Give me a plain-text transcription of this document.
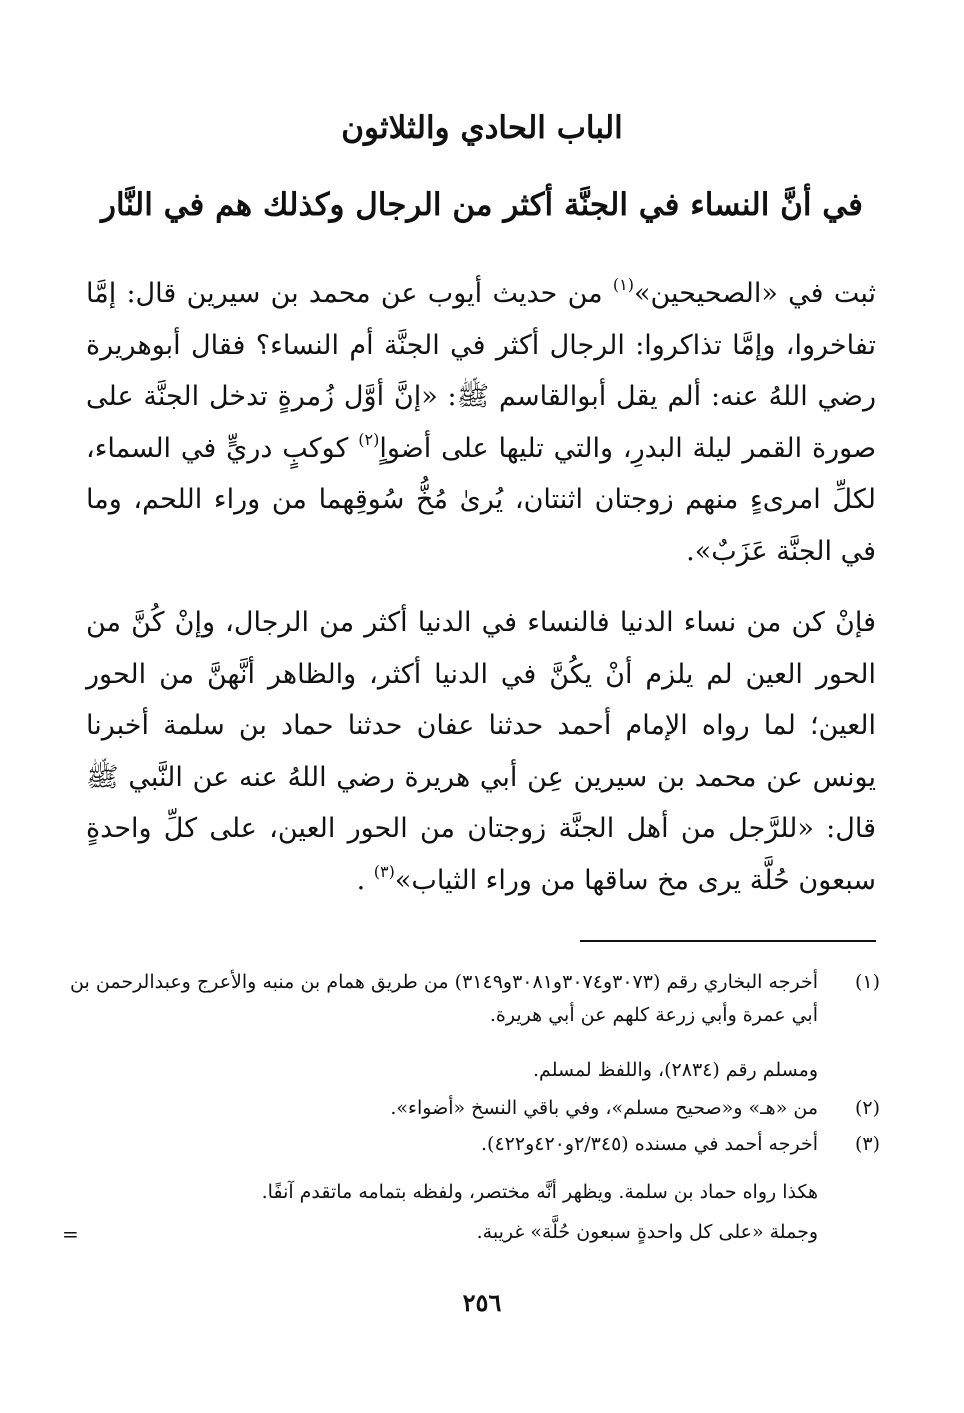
الباب الحادي والثلاثون
في أنَّ النساء في الجنَّة أكثر من الرجال وكذلك هم في النَّار
ثبت في «الصحيحين»$^{(١)}$ من حديث أيوب عن محمد بن سيرين قال: إمَّا تفاخروا، وإمَّا تذاكروا: الرجال أكثر في الجنَّة أم النساء؟ فقال أبوهريرة رضي اللهُ عنه: ألم يقل أبوالقاسم ﷺ: «إنَّ أوَّل زُمرةٍ تدخل الجنَّة على صورة القمر ليلة البدرِ، والتي تليها على أضواٍ$^{(٢)}$ كوكبٍ دريٍّ في السماء، لكلِّ امرىءٍ منهم زوجتان اثنتان، يُرىٰ مُخُّ سُوقِهما من وراء اللحم، وما في الجنَّة عَزَبٌ».
فإنْ كن من نساء الدنيا فالنساء في الدنيا أكثر من الرجال، وإنْ كُنَّ من الحور العين لم يلزم أنْ يكُنَّ في الدنيا أكثر، والظاهر أنَّهنَّ من الحور العين؛ لما رواه الإمام أحمد حدثنا عفان حدثنا حماد بن سلمة أخبرنا يونس عن محمد بن سيرين عِن أبي هريرة رضي اللهُ عنه عن النَّبي ﷺ قال: «للرَّجل من أهل الجنَّة زوجتان من الحور العين، على كلِّ واحدةٍ سبعون حُلَّة يرى مخ ساقها من وراء الثياب»$^{(٣)}$ .
(١)
أخرجه البخاري رقم (٣٠٧٣و٣٠٧٤و٣٠٨١و٣١٤٩) من طريق همام بن منبه والأعرج وعبدالرحمن بن أبي عمرة وأبي زرعة كلهم عن أبي هريرة.
ومسلم رقم (٢٨٣٤)، واللفظ لمسلم.
(٢)
من «هـ» و«صحيح مسلم»، وفي باقي النسخ «أضواء».
(٣)
أخرجه أحمد في مسنده (٢/٣٤٥و٤٢٠و٤٢٢).
هكذا رواه حماد بن سلمة. ويظهر أنَّه مختصر، ولفظه بتمامه ماتقدم آنفًا.
وجملة «على كل واحدةٍ سبعون حُلَّة» غريبة.
=
٢٥٦
